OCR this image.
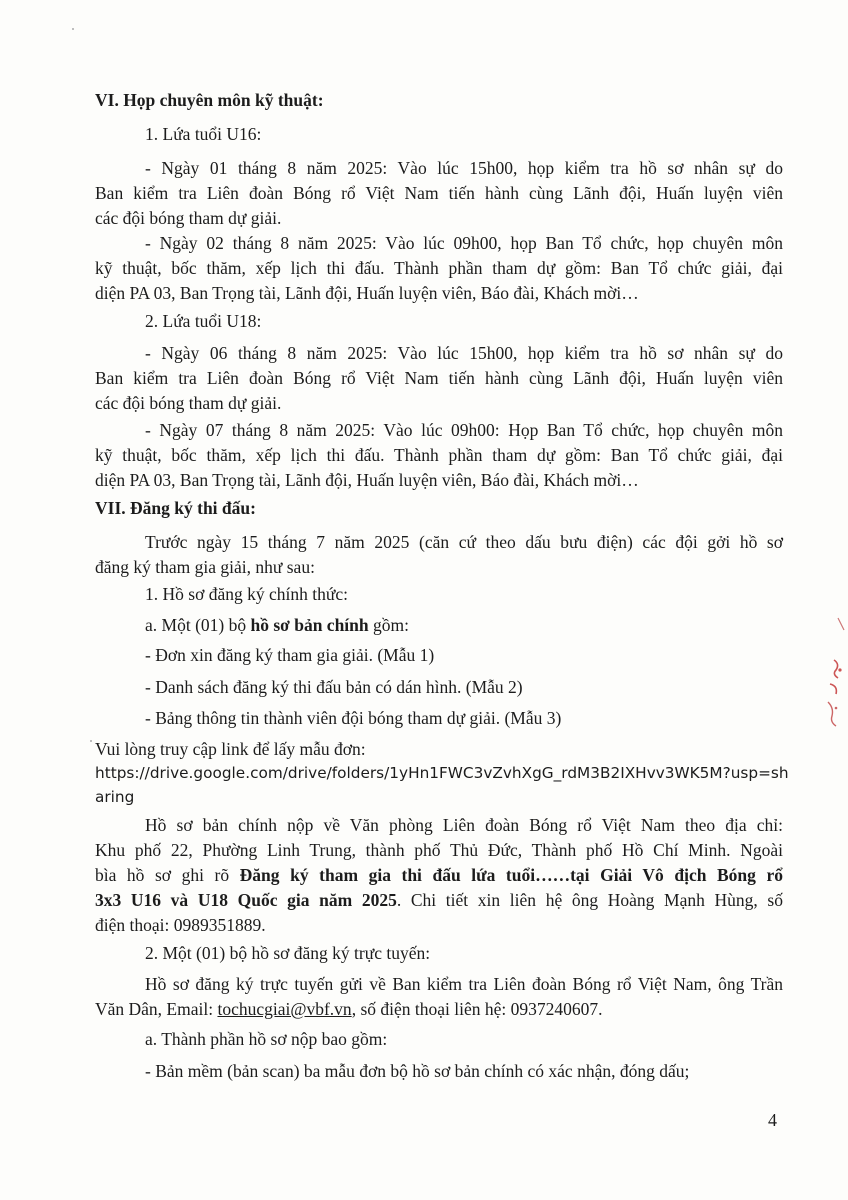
VI. Họp chuyên môn kỹ thuật:
1. Lứa tuổi U16:
- Ngày 01 tháng 8 năm 2025: Vào lúc 15h00, họp kiểm tra hồ sơ nhân sự do
Ban kiểm tra Liên đoàn Bóng rổ Việt Nam tiến hành cùng Lãnh đội, Huấn luyện viên
các đội bóng tham dự giải.
- Ngày 02 tháng 8 năm 2025: Vào lúc 09h00, họp Ban Tổ chức, họp chuyên môn
kỹ thuật, bốc thăm, xếp lịch thi đấu. Thành phần tham dự gồm: Ban Tổ chức giải, đại
diện PA 03, Ban Trọng tài, Lãnh đội, Huấn luyện viên, Báo đài, Khách mời…
2. Lứa tuổi U18:
- Ngày 06 tháng 8 năm 2025: Vào lúc 15h00, họp kiểm tra hồ sơ nhân sự do
Ban kiểm tra Liên đoàn Bóng rổ Việt Nam tiến hành cùng Lãnh đội, Huấn luyện viên
các đội bóng tham dự giải.
- Ngày 07 tháng 8 năm 2025: Vào lúc 09h00: Họp Ban Tổ chức, họp chuyên môn
kỹ thuật, bốc thăm, xếp lịch thi đấu. Thành phần tham dự gồm: Ban Tổ chức giải, đại
diện PA 03, Ban Trọng tài, Lãnh đội, Huấn luyện viên, Báo đài, Khách mời…
VII. Đăng ký thi đấu:
Trước ngày 15 tháng 7 năm 2025 (căn cứ theo dấu bưu điện) các đội gởi hồ sơ
đăng ký tham gia giải, như sau:
1. Hồ sơ đăng ký chính thức:
a. Một (01) bộ hồ sơ bản chính gồm:
- Đơn xin đăng ký tham gia giải. (Mẫu 1)
- Danh sách đăng ký thi đấu bản có dán hình. (Mẫu 2)
- Bảng thông tin thành viên đội bóng tham dự giải. (Mẫu 3)
Vui lòng truy cập link để lấy mẫu đơn:
https://drive.google.com/drive/folders/1yHn1FWC3vZvhXgG_rdM3B2IXHvv3WK5M?usp=sh
aring
Hồ sơ bản chính nộp về Văn phòng Liên đoàn Bóng rổ Việt Nam theo địa chỉ:
Khu phố 22, Phường Linh Trung, thành phố Thủ Đức, Thành phố Hồ Chí Minh. Ngoài
bìa hồ sơ ghi rõ Đăng ký tham gia thi đấu lứa tuổi……tại Giải Vô địch Bóng rổ
3x3 U16 và U18 Quốc gia năm 2025. Chi tiết xin liên hệ ông Hoàng Mạnh Hùng, số
điện thoại: 0989351889.
2. Một (01) bộ hồ sơ đăng ký trực tuyến:
Hồ sơ đăng ký trực tuyến gửi về Ban kiểm tra Liên đoàn Bóng rổ Việt Nam, ông Trần
Văn Dân, Email: tochucgiai@vbf.vn, số điện thoại liên hệ: 0937240607.
a. Thành phần hồ sơ nộp bao gồm:
- Bản mềm (bản scan) ba mẫu đơn bộ hồ sơ bản chính có xác nhận, đóng dấu;
4
